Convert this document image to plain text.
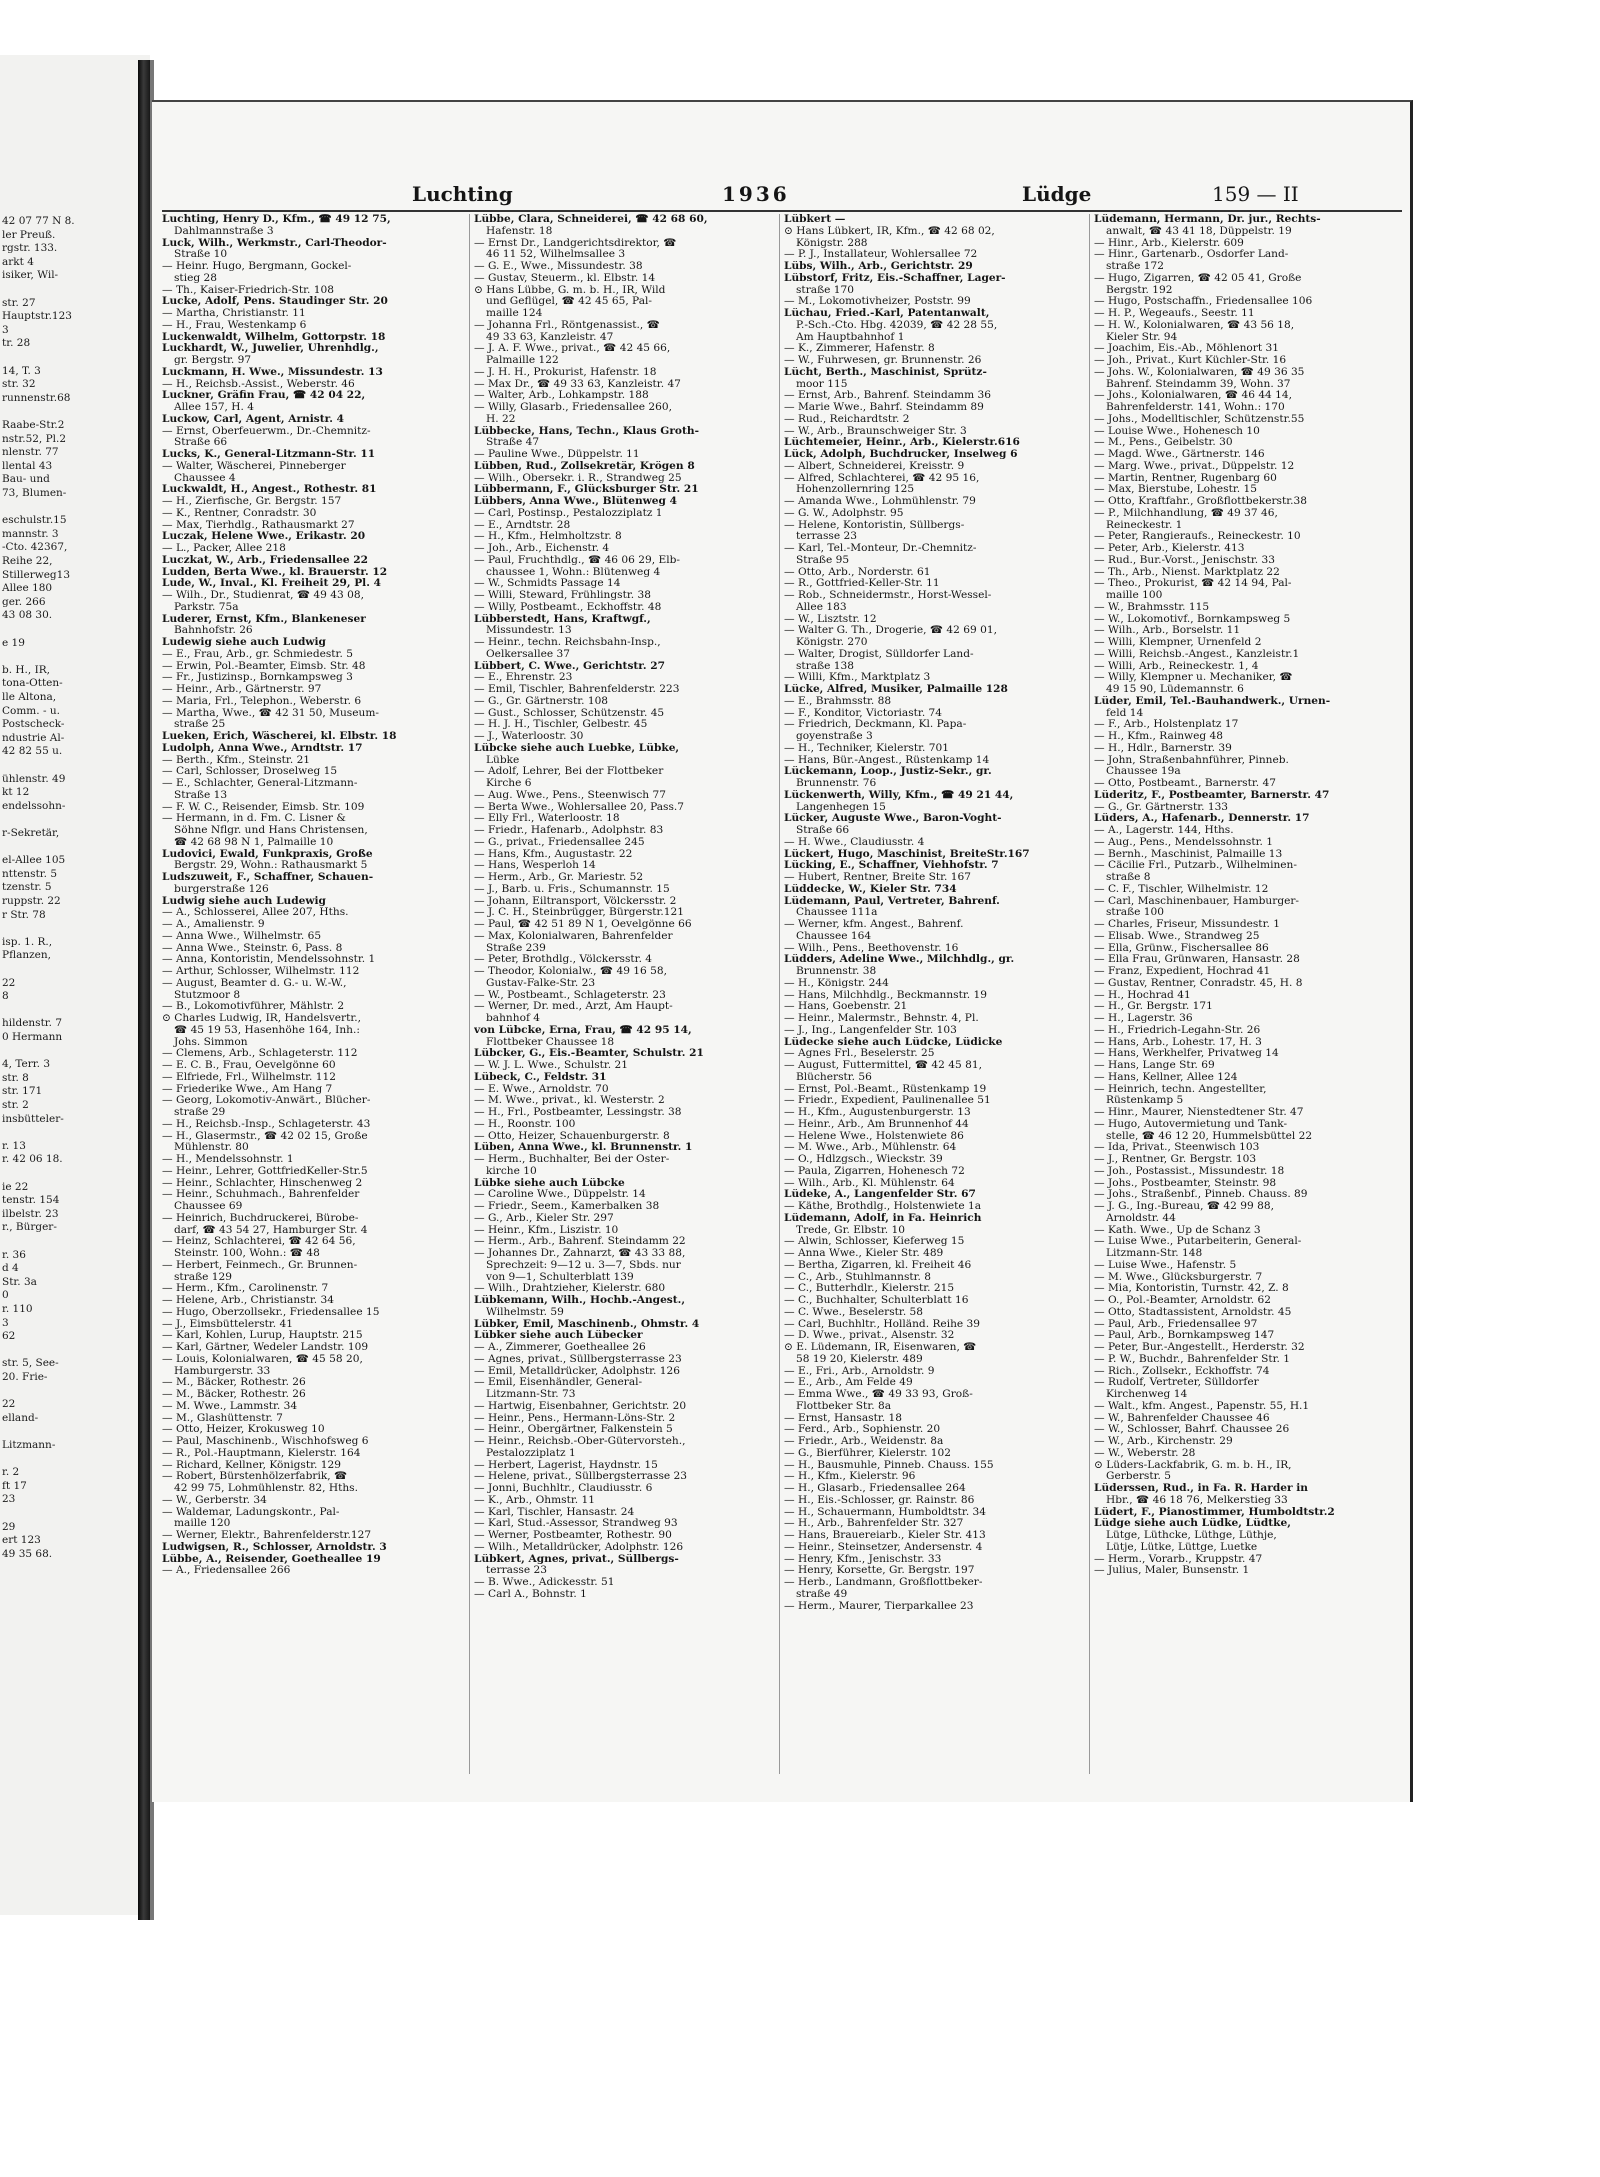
42 07 77 N 8.
ler Preuß.
rgstr. 133.
arkt 4
isiker, Wil-
str. 27
Hauptstr.123
3
tr. 28
14, T. 3
str. 32
runnenstr.68
Raabe-Str.2
nstr.52, Pl.2
nlenstr. 77
llental 43
Bau- und
73, Blumen-
eschulstr.15
mannstr. 3
-Cto. 42367,
Reihe 22,
Stillerweg13
Allee 180
ger. 266
43 08 30.
e 19
b. H., IR,
tona-Otten-
lle Altona,
Comm. - u.
Postscheck-
ndustrie Al-
42 82 55 u.
ühlenstr. 49
kt 12
endelssohn-
r-Sekretär,
el-Allee 105
nttenstr. 5
tzenstr. 5
ruppstr. 22
r Str. 78
isp. 1. R.,
Pflanzen,
22
8
hildenstr. 7
0 Hermann
4, Terr. 3
str. 8
str. 171
str. 2
insbütteler-
r. 13
r. 42 06 18.
ie 22
tenstr. 154
ilbelstr. 23
r., Bürger-
r. 36
d 4
Str. 3a
0
r. 110
3
62
str. 5, See-
20. Frie-
22
elland-
Litzmann-
r. 2
ft 17
23
29
ert 123
49 35 68.
Luchting	1936	Lüdge	159 — II
Luchting, Henry D., Kfm., ☎ 49 12 75,
Dahlmannstraße 3
Luck, Wilh., Werkmstr., Carl-Theodor-
Straße 10
— Heinr. Hugo, Bergmann, Gockel-
stieg 28
— Th., Kaiser-Friedrich-Str. 108
Lucke, Adolf, Pens. Staudinger Str. 20
— Martha, Christianstr. 11
— H., Frau, Westenkamp 6
Luckenwaldt, Wilhelm, Gottorpstr. 18
Luckhardt, W., Juwelier, Uhrenhdlg.,
gr. Bergstr. 97
Luckmann, H. Wwe., Missundestr. 13
— H., Reichsb.-Assist., Weberstr. 46
Luckner, Gräfin Frau, ☎ 42 04 22,
Allee 157, H. 4
Luckow, Carl, Agent, Arnistr. 4
— Ernst, Oberfeuerwm., Dr.-Chemnitz-
Straße 66
Lucks, K., General-Litzmann-Str. 11
— Walter, Wäscherei, Pinneberger
Chaussee 4
Luckwaldt, H., Angest., Rothestr. 81
— H., Zierfische, Gr. Bergstr. 157
— K., Rentner, Conradstr. 30
— Max, Tierhdlg., Rathausmarkt 27
Luczak, Helene Wwe., Erikastr. 20
— L., Packer, Allee 218
Luczkat, W., Arb., Friedensallee 22
Ludden, Berta Wwe., kl. Brauerstr. 12
Lude, W., Inval., Kl. Freiheit 29, Pl. 4
— Wilh., Dr., Studienrat, ☎ 49 43 08,
Parkstr. 75a
Luderer, Ernst, Kfm., Blankeneser
Bahnhofstr. 26
Ludewig siehe auch Ludwig
— E., Frau, Arb., gr. Schmiedestr. 5
— Erwin, Pol.-Beamter, Eimsb. Str. 48
— Fr., Justizinsp., Bornkampsweg 3
— Heinr., Arb., Gärtnerstr. 97
— Maria, Frl., Telephon., Weberstr. 6
— Martha, Wwe., ☎ 42 31 50, Museum-
straße 25
Lueken, Erich, Wäscherei, kl. Elbstr. 18
Ludolph, Anna Wwe., Arndtstr. 17
— Berth., Kfm., Steinstr. 21
— Carl, Schlosser, Droselweg 15
— E., Schlachter, General-Litzmann-
Straße 13
— F. W. C., Reisender, Eimsb. Str. 109
— Hermann, in d. Fm. C. Lisner &
Söhne Nflgr. und Hans Christensen,
☎ 42 68 98 N 1, Palmaille 10
Ludovici, Ewald, Funkpraxis, Große
Bergstr. 29, Wohn.: Rathausmarkt 5
Ludszuweit, F., Schaffner, Schauen-
burgerstraße 126
Ludwig siehe auch Ludewig
— A., Schlosserei, Allee 207, Hths.
— A., Amalienstr. 9
— Anna Wwe., Wilhelmstr. 65
— Anna Wwe., Steinstr. 6, Pass. 8
— Anna, Kontoristin, Mendelssohnstr. 1
— Arthur, Schlosser, Wilhelmstr. 112
— August, Beamter d. G.- u. W.-W.,
Stutzmoor 8
— B., Lokomotivführer, Mählstr. 2
⊙ Charles Ludwig, IR, Handelsvertr.,
☎ 45 19 53, Hasenhöhe 164, Inh.:
Johs. Simmon
— Clemens, Arb., Schlageterstr. 112
— E. C. B., Frau, Oevelgönne 60
— Elfriede, Frl., Wilhelmstr. 112
— Friederike Wwe., Am Hang 7
— Georg, Lokomotiv-Anwärt., Blücher-
straße 29
— H., Reichsb.-Insp., Schlageterstr. 43
— H., Glasermstr., ☎ 42 02 15, Große
Mühlenstr. 80
— H., Mendelssohnstr. 1
— Heinr., Lehrer, GottfriedKeller-Str.5
— Heinr., Schlachter, Hinschenweg 2
— Heinr., Schuhmach., Bahrenfelder
Chaussee 69
— Heinrich, Buchdruckerei, Bürobe-
darf, ☎ 43 54 27, Hamburger Str. 4
— Heinz, Schlachterei, ☎ 42 64 56,
Steinstr. 100, Wohn.: ☎ 48
— Herbert, Feinmech., Gr. Brunnen-
straße 129
— Herm., Kfm., Carolinenstr. 7
— Helene, Arb., Christianstr. 34
— Hugo, Oberzollsekr., Friedensallee 15
— J., Eimsbüttelerstr. 41
— Karl, Kohlen, Lurup, Hauptstr. 215
— Karl, Gärtner, Wedeler Landstr. 109
— Louis, Kolonialwaren, ☎ 45 58 20,
Hamburgerstr. 33
— M., Bäcker, Rothestr. 26
— M., Bäcker, Rothestr. 26
— M. Wwe., Lammstr. 34
— M., Glashüttenstr. 7
— Otto, Heizer, Krokusweg 10
— Paul, Maschinenb., Wischhofsweg 6
— R., Pol.-Hauptmann, Kielerstr. 164
— Richard, Kellner, Königstr. 129
— Robert, Bürstenhölzerfabrik, ☎
42 99 75, Lohmühlenstr. 82, Hths.
— W., Gerberstr. 34
— Waldemar, Ladungskontr., Pal-
maille 120
— Werner, Elektr., Bahrenfelderstr.127
Ludwigsen, R., Schlosser, Arnoldstr. 3
Lübbe, A., Reisender, Goetheallee 19
— A., Friedensallee 266
Lübbe, Clara, Schneiderei, ☎ 42 68 60,
Hafenstr. 18
— Ernst Dr., Landgerichtsdirektor, ☎
46 11 52, Wilhelmsallee 3
— G. E., Wwe., Missundestr. 38
— Gustav, Steuerm., kl. Elbstr. 14
⊙ Hans Lübbe, G. m. b. H., IR, Wild
und Geflügel, ☎ 42 45 65, Pal-
maille 124
— Johanna Frl., Röntgenassist., ☎
49 33 63, Kanzleistr. 47
— J. A. F. Wwe., privat., ☎ 42 45 66,
Palmaille 122
— J. H. H., Prokurist, Hafenstr. 18
— Max Dr., ☎ 49 33 63, Kanzleistr. 47
— Walter, Arb., Lohkampstr. 188
— Willy, Glasarb., Friedensallee 260,
H. 22
Lübbecke, Hans, Techn., Klaus Groth-
Straße 47
— Pauline Wwe., Düppelstr. 11
Lübben, Rud., Zollsekretär, Krögen 8
— Wilh., Obersekr. i. R., Strandweg 25
Lübbermann, F., Glücksburger Str. 21
Lübbers, Anna Wwe., Blütenweg 4
— Carl, Postinsp., Pestalozziplatz 1
— E., Arndtstr. 28
— H., Kfm., Helmholtzstr. 8
— Joh., Arb., Eichenstr. 4
— Paul, Fruchthdlg., ☎ 46 06 29, Elb-
chaussee 1, Wohn.: Blütenweg 4
— W., Schmidts Passage 14
— Willi, Steward, Frühlingstr. 38
— Willy, Postbeamt., Eckhoffstr. 48
Lübberstedt, Hans, Kraftwgf.,
Missundestr. 13
— Heinr., techn. Reichsbahn-Insp.,
Oelkersallee 37
Lübbert, C. Wwe., Gerichtstr. 27
— E., Ehrenstr. 23
— Emil, Tischler, Bahrenfelderstr. 223
— G., Gr. Gärtnerstr. 108
— Gust., Schlosser, Schützenstr. 45
— H. J. H., Tischler, Gelbestr. 45
— J., Waterloostr. 30
Lübcke siehe auch Luebke, Lübke,
Lübke
— Adolf, Lehrer, Bei der Flottbeker
Kirche 6
— Aug. Wwe., Pens., Steenwisch 77
— Berta Wwe., Wohlersallee 20, Pass.7
— Elly Frl., Waterloostr. 18
— Friedr., Hafenarb., Adolphstr. 83
— G., privat., Friedensallee 245
— Hans, Kfm., Augustastr. 22
— Hans, Wesperloh 14
— Herm., Arb., Gr. Mariestr. 52
— J., Barb. u. Fris., Schumannstr. 15
— Johann, Eiltransport, Völckersstr. 2
— J. C. H., Steinbrügger, Bürgerstr.121
— Paul, ☎ 42 51 89 N 1, Oevelgönne 66
— Max, Kolonialwaren, Bahrenfelder
Straße 239
— Peter, Brothdlg., Völckersstr. 4
— Theodor, Kolonialw., ☎ 49 16 58,
Gustav-Falke-Str. 23
— W., Postbeamt., Schlageterstr. 23
— Werner, Dr. med., Arzt, Am Haupt-
bahnhof 4
von Lübcke, Erna, Frau, ☎ 42 95 14,
Flottbeker Chaussee 18
Lübcker, G., Eis.-Beamter, Schulstr. 21
— W. J. L. Wwe., Schulstr. 21
Lübeck, C., Feldstr. 31
— E. Wwe., Arnoldstr. 70
— M. Wwe., privat., kl. Westerstr. 2
— H., Frl., Postbeamter, Lessingstr. 38
— H., Roonstr. 100
— Otto, Heizer, Schauenburgerstr. 8
Lüben, Anna Wwe., kl. Brunnenstr. 1
— Herm., Buchhalter, Bei der Oster-
kirche 10
Lübke siehe auch Lübcke
— Caroline Wwe., Düppelstr. 14
— Friedr., Seem., Kamerbalken 38
— G., Arb., Kieler Str. 297
— Heinr., Kfm., Liszistr. 10
— Herm., Arb., Bahrenf. Steindamm 22
— Johannes Dr., Zahnarzt, ☎ 43 33 88,
Sprechzeit: 9—12 u. 3—7, Sbds. nur
von 9—1, Schulterblatt 139
— Wilh., Drahtzieher, Kielerstr. 680
Lübkemann, Wilh., Hochb.-Angest.,
Wilhelmstr. 59
Lübker, Emil, Maschinenb., Ohmstr. 4
Lübker siehe auch Lübecker
— A., Zimmerer, Goetheallee 26
— Agnes, privat., Süllbergsterrasse 23
— Emil, Metalldrücker, Adolphstr. 126
— Emil, Eisenhändler, General-
Litzmann-Str. 73
— Hartwig, Eisenbahner, Gerichtstr. 20
— Heinr., Pens., Hermann-Löns-Str. 2
— Heinr., Obergärtner, Falkenstein 5
— Heinr., Reichsb.-Ober-Gütervorsteh.,
Pestalozziplatz 1
— Herbert, Lagerist, Haydnstr. 15
— Helene, privat., Süllbergsterrasse 23
— Jonni, Buchhltr., Claudiusstr. 6
— K., Arb., Ohmstr. 11
— Karl, Tischler, Hansastr. 24
— Karl, Stud.-Assessor, Strandweg 93
— Werner, Postbeamter, Rothestr. 90
— Wilh., Metalldrücker, Adolphstr. 126
Lübkert, Agnes, privat., Süllbergs-
terrasse 23
— B. Wwe., Adickesstr. 51
— Carl A., Bohnstr. 1
Lübkert —
⊙ Hans Lübkert, IR, Kfm., ☎ 42 68 02,
Königstr. 288
— P. J., Installateur, Wohlersallee 72
Lübs, Wilh., Arb., Gerichtstr. 29
Lübstorf, Fritz, Eis.-Schaffner, Lager-
straße 170
— M., Lokomotivheizer, Poststr. 99
Lüchau, Fried.-Karl, Patentanwalt,
P.-Sch.-Cto. Hbg. 42039, ☎ 42 28 55,
Am Hauptbahnhof 1
— K., Zimmerer, Hafenstr. 8
— W., Fuhrwesen, gr. Brunnenstr. 26
Lücht, Berth., Maschinist, Sprütz-
moor 115
— Ernst, Arb., Bahrenf. Steindamm 36
— Marie Wwe., Bahrf. Steindamm 89
— Rud., Reichardtstr. 2
— W., Arb., Braunschweiger Str. 3
Lüchtemeier, Heinr., Arb., Kielerstr.616
Lück, Adolph, Buchdrucker, Inselweg 6
— Albert, Schneiderei, Kreisstr. 9
— Alfred, Schlachterei, ☎ 42 95 16,
Hohenzollernring 125
— Amanda Wwe., Lohmühlenstr. 79
— G. W., Adolphstr. 95
— Helene, Kontoristin, Süllbergs-
terrasse 23
— Karl, Tel.-Monteur, Dr.-Chemnitz-
Straße 95
— Otto, Arb., Norderstr. 61
— R., Gottfried-Keller-Str. 11
— Rob., Schneidermstr., Horst-Wessel-
Allee 183
— W., Lisztstr. 12
— Walter G. Th., Drogerie, ☎ 42 69 01,
Königstr. 270
— Walter, Drogist, Sülldorfer Land-
straße 138
— Willi, Kfm., Marktplatz 3
Lücke, Alfred, Musiker, Palmaille 128
— E., Brahmsstr. 88
— F., Konditor, Victoriastr. 74
— Friedrich, Deckmann, Kl. Papa-
goyenstraße 3
— H., Techniker, Kielerstr. 701
— Hans, Bür.-Angest., Rüstenkamp 14
Lückemann, Loop., Justiz-Sekr., gr.
Brunnenstr. 76
Lückenwerth, Willy, Kfm., ☎ 49 21 44,
Langenhegen 15
Lücker, Auguste Wwe., Baron-Voght-
Straße 66
— H. Wwe., Claudiusstr. 4
Lückert, Hugo, Maschinist, BreiteStr.167
Lücking, E., Schaffner, Viehhofstr. 7
— Hubert, Rentner, Breite Str. 167
Lüddecke, W., Kieler Str. 734
Lüdemann, Paul, Vertreter, Bahrenf.
Chaussee 111a
— Werner, kfm. Angest., Bahrenf.
Chaussee 164
— Wilh., Pens., Beethovenstr. 16
Lüdders, Adeline Wwe., Milchhdlg., gr.
Brunnenstr. 38
— H., Königstr. 244
— Hans, Milchhdlg., Beckmannstr. 19
— Hans, Goebenstr. 21
— Heinr., Malermstr., Behnstr. 4, Pl.
— J., Ing., Langenfelder Str. 103
Lüdecke siehe auch Lüdcke, Lüdicke
— Agnes Frl., Beselerstr. 25
— August, Futtermittel, ☎ 42 45 81,
Blücherstr. 56
— Ernst, Pol.-Beamt., Rüstenkamp 19
— Friedr., Expedient, Paulinenallee 51
— H., Kfm., Augustenburgerstr. 13
— Heinr., Arb., Am Brunnenhof 44
— Helene Wwe., Holstenwiete 86
— M. Wwe., Arb., Mühlenstr. 64
— O., Hdlzgsch., Wieckstr. 39
— Paula, Zigarren, Hohenesch 72
— Wilh., Arb., Kl. Mühlenstr. 64
Lüdeke, A., Langenfelder Str. 67
— Käthe, Brothdlg., Holstenwiete 1a
Lüdemann, Adolf, in Fa. Heinrich
Trede, Gr. Elbstr. 10
— Alwin, Schlosser, Kieferweg 15
— Anna Wwe., Kieler Str. 489
— Bertha, Zigarren, kl. Freiheit 46
— C., Arb., Stuhlmannstr. 8
— C., Butterhdlr., Kielerstr. 215
— C., Buchhalter, Schulterblatt 16
— C. Wwe., Beselerstr. 58
— Carl, Buchhltr., Holländ. Reihe 39
— D. Wwe., privat., Alsenstr. 32
⊙ E. Lüdemann, IR, Eisenwaren, ☎
58 19 20, Kielerstr. 489
— E., Fri., Arb., Arnoldstr. 9
— E., Arb., Am Felde 49
— Emma Wwe., ☎ 49 33 93, Groß-
Flottbeker Str. 8a
— Ernst, Hansastr. 18
— Ferd., Arb., Sophienstr. 20
— Friedr., Arb., Weidenstr. 8a
— G., Bierführer, Kielerstr. 102
— H., Bausmuhle, Pinneb. Chauss. 155
— H., Kfm., Kielerstr. 96
— H., Glasarb., Friedensallee 264
— H., Eis.-Schlosser, gr. Rainstr. 86
— H., Schauermann, Humboldtstr. 34
— H., Arb., Bahrenfelder Str. 327
— Hans, Brauereiarb., Kieler Str. 413
— Heinr., Steinsetzer, Andersenstr. 4
— Henry, Kfm., Jenischstr. 33
— Henry, Korsette, Gr. Bergstr. 197
— Herb., Landmann, Großflottbeker-
straße 49
— Herm., Maurer, Tierparkallee 23
Lüdemann, Hermann, Dr. jur., Rechts-
anwalt, ☎ 43 41 18, Düppelstr. 19
— Hinr., Arb., Kielerstr. 609
— Hinr., Gartenarb., Osdorfer Land-
straße 172
— Hugo, Zigarren, ☎ 42 05 41, Große
Bergstr. 192
— Hugo, Postschaffn., Friedensallee 106
— H. P., Wegeaufs., Seestr. 11
— H. W., Kolonialwaren, ☎ 43 56 18,
Kieler Str. 94
— Joachim, Eis.-Ab., Möhlenort 31
— Joh., Privat., Kurt Küchler-Str. 16
— Johs. W., Kolonialwaren, ☎ 49 36 35
Bahrenf. Steindamm 39, Wohn. 37
— Johs., Kolonialwaren, ☎ 46 44 14,
Bahrenfelderstr. 141, Wohn.: 170
— Johs., Modelltischler, Schützenstr.55
— Louise Wwe., Hohenesch 10
— M., Pens., Geibelstr. 30
— Magd. Wwe., Gärtnerstr. 146
— Marg. Wwe., privat., Düppelstr. 12
— Martin, Rentner, Rugenbarg 60
— Max, Bierstube, Lohestr. 15
— Otto, Kraftfahr., Großflottbekerstr.38
— P., Milchhandlung, ☎ 49 37 46,
Reineckestr. 1
— Peter, Rangieraufs., Reineckestr. 10
— Peter, Arb., Kielerstr. 413
— Rud., Bur.-Vorst., Jenischstr. 33
— Th., Arb., Nienst. Marktplatz 22
— Theo., Prokurist, ☎ 42 14 94, Pal-
maille 100
— W., Brahmsstr. 115
— W., Lokomotivf., Bornkampsweg 5
— Wilh., Arb., Borselstr. 11
— Willi, Klempner, Urnenfeld 2
— Willi, Reichsb.-Angest., Kanzleistr.1
— Willi, Arb., Reineckestr. 1, 4
— Willy, Klempner u. Mechaniker, ☎
49 15 90, Lüdemannstr. 6
Lüder, Emil, Tel.-Bauhandwerk., Urnen-
feld 14
— F., Arb., Holstenplatz 17
— H., Kfm., Rainweg 48
— H., Hdlr., Barnerstr. 39
— John, Straßenbahnführer, Pinneb.
Chaussee 19a
— Otto, Postbeamt., Barnerstr. 47
Lüderitz, F., Postbeamter, Barnerstr. 47
— G., Gr. Gärtnerstr. 133
Lüders, A., Hafenarb., Dennerstr. 17
— A., Lagerstr. 144, Hths.
— Aug., Pens., Mendelssohnstr. 1
— Bernh., Maschinist, Palmaille 13
— Cäcilie Frl., Putzarb., Wilhelminen-
straße 8
— C. F., Tischler, Wilhelmistr. 12
— Carl, Maschinenbauer, Hamburger-
straße 100
— Charles, Friseur, Missundestr. 1
— Elisab. Wwe., Strandweg 25
— Ella, Grünw., Fischersallee 86
— Ella Frau, Grünwaren, Hansastr. 28
— Franz, Expedient, Hochrad 41
— Gustav, Rentner, Conradstr. 45, H. 8
— H., Hochrad 41
— H., Gr. Bergstr. 171
— H., Lagerstr. 36
— H., Friedrich-Legahn-Str. 26
— Hans, Arb., Lohestr. 17, H. 3
— Hans, Werkhelfer, Privatweg 14
— Hans, Lange Str. 69
— Hans, Kellner, Allee 124
— Heinrich, techn. Angestellter,
Rüstenkamp 5
— Hinr., Maurer, Nienstedtener Str. 47
— Hugo, Autovermietung und Tank-
stelle, ☎ 46 12 20, Hummelsbüttel 22
— Ida, Privat., Steenwisch 103
— J., Rentner, Gr. Bergstr. 103
— Joh., Postassist., Missundestr. 18
— Johs., Postbeamter, Steinstr. 98
— Johs., Straßenbf., Pinneb. Chauss. 89
— J. G., Ing.-Bureau, ☎ 42 99 88,
Arnoldstr. 44
— Kath. Wwe., Up de Schanz 3
— Luise Wwe., Putarbeiterin, General-
Litzmann-Str. 148
— Luise Wwe., Hafenstr. 5
— M. Wwe., Glücksburgerstr. 7
— Mia, Kontoristin, Turnstr. 42, Z. 8
— O., Pol.-Beamter, Arnoldstr. 62
— Otto, Stadtassistent, Arnoldstr. 45
— Paul, Arb., Friedensallee 97
— Paul, Arb., Bornkampsweg 147
— Peter, Bur.-Angestellt., Herderstr. 32
— P. W., Buchdr., Bahrenfelder Str. 1
— Rich., Zollsekr., Eckhoffstr. 74
— Rudolf, Vertreter, Sülldorfer
Kirchenweg 14
— Walt., kfm. Angest., Papenstr. 55, H.1
— W., Bahrenfelder Chaussee 46
— W., Schlosser, Bahrf. Chaussee 26
— W., Arb., Kirchenstr. 29
— W., Weberstr. 28
⊙ Lüders-Lackfabrik, G. m. b. H., IR,
Gerberstr. 5
Lüderssen, Rud., in Fa. R. Harder in
Hbr., ☎ 46 18 76, Melkerstieg 33
Lüdert, F., Pianostimmer, Humboldtstr.2
Lüdge siehe auch Lüdke, Lüdtke,
Lütge, Lüthcke, Lüthge, Lüthje,
Lütje, Lütke, Lüttge, Luetke
— Herm., Vorarb., Kruppstr. 47
— Julius, Maler, Bunsenstr. 1
